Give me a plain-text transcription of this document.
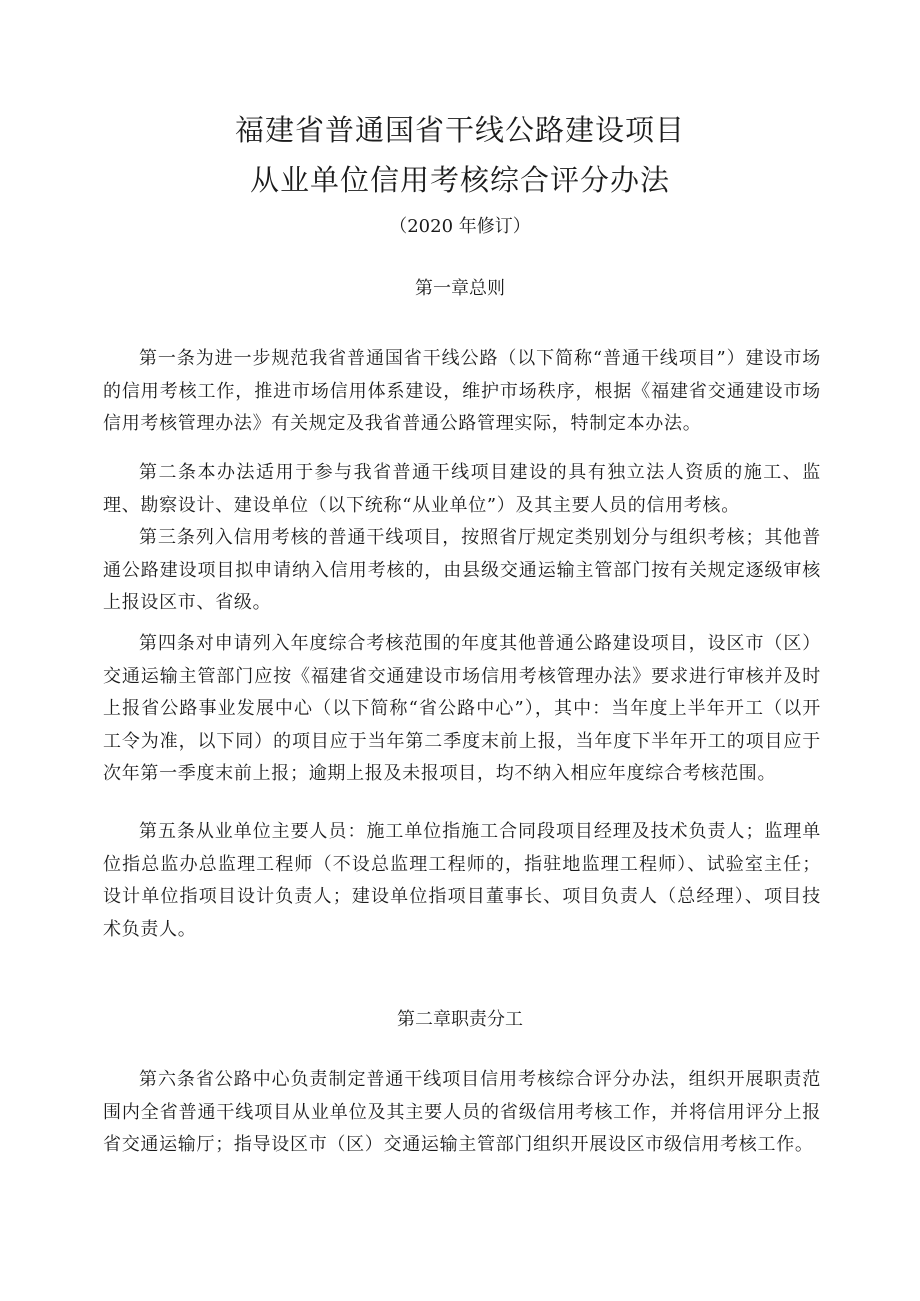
福建省普通国省干线公路建设项目
从业单位信用考核综合评分办法
（2020 年修订）
第一章总则

第一条为进一步规范我省普通国省干线公路（以下简称“普通干线项目”）建设市场的信用考核工作，推进市场信用体系建设，维护市场秩序，根据《福建省交通建设市场信用考核管理办法》有关规定及我省普通公路管理实际，特制定本办法。

第二条本办法适用于参与我省普通干线项目建设的具有独立法人资质的施工、监理、勘察设计、建设单位（以下统称“从业单位”）及其主要人员的信用考核。

第三条列入信用考核的普通干线项目，按照省厅规定类别划分与组织考核；其他普通公路建设项目拟申请纳入信用考核的，由县级交通运输主管部门按有关规定逐级审核上报设区市、省级。

第四条对申请列入年度综合考核范围的年度其他普通公路建设项目，设区市（区）交通运输主管部门应按《福建省交通建设市场信用考核管理办法》要求进行审核并及时上报省公路事业发展中心（以下简称“省公路中心”），其中：当年度上半年开工（以开工令为准，以下同）的项目应于当年第二季度末前上报，当年度下半年开工的项目应于次年第一季度末前上报；逾期上报及未报项目，均不纳入相应年度综合考核范围。

第五条从业单位主要人员：施工单位指施工合同段项目经理及技术负责人；监理单位指总监办总监理工程师（不设总监理工程师的，指驻地监理工程师）、试验室主任；设计单位指项目设计负责人；建设单位指项目董事长、项目负责人（总经理）、项目技术负责人。

第二章职责分工

第六条省公路中心负责制定普通干线项目信用考核综合评分办法，组织开展职责范围内全省普通干线项目从业单位及其主要人员的省级信用考核工作，并将信用评分上报省交通运输厅；指导设区市（区）交通运输主管部门组织开展设区市级信用考核工作。
